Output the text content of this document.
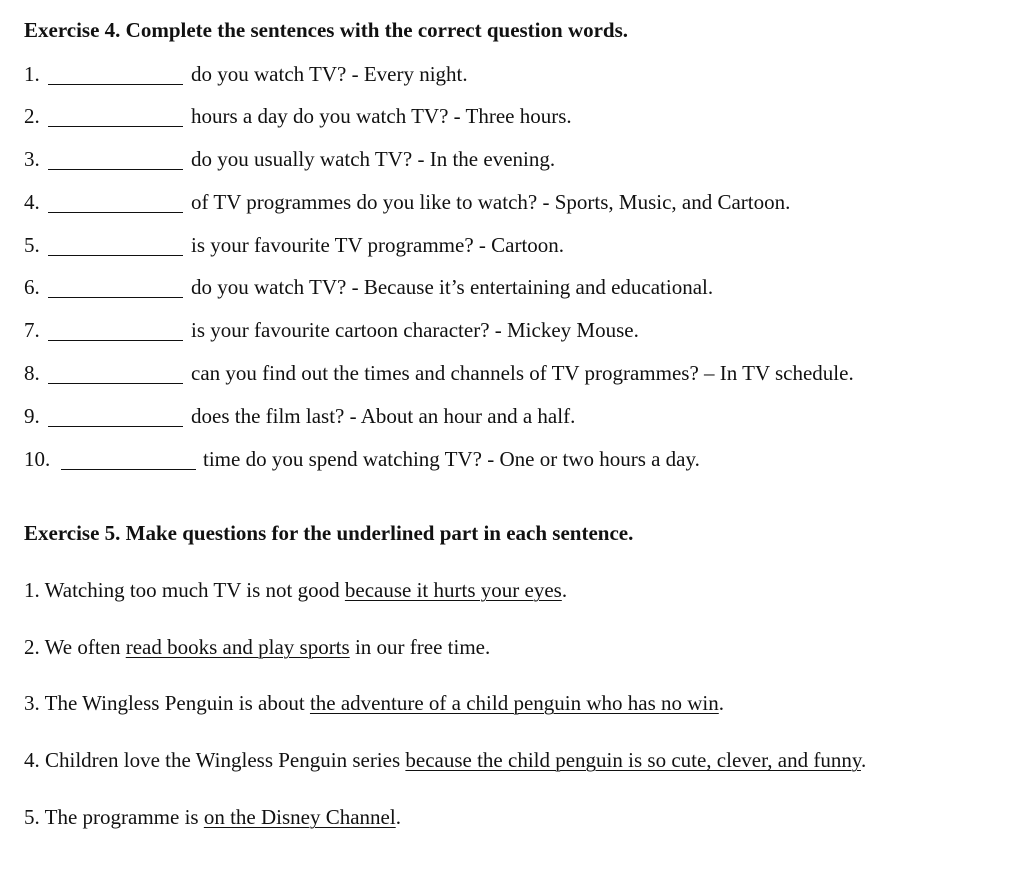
Exercise 4. Complete the sentences with the correct question words.
1.	do you watch TV? - Every night.
2.	hours a day do you watch TV? - Three hours.
3.	do you usually watch TV? - In the evening.
4.	of TV programmes do you like to watch? - Sports, Music, and Cartoon.
5.	is your favourite TV programme? - Cartoon.
6.	do you watch TV? - Because it’s entertaining and educational.
7.	is your favourite cartoon character? - Mickey Mouse.
8.	can you find out the times and channels of TV programmes? – In TV schedule.
9.	does the film last? - About an hour and a half.
10.	time do you spend watching TV? - One or two hours a day.
Exercise 5. Make questions for the underlined part in each sentence.
1. Watching too much TV is not good because it hurts your eyes.
2. We often read books and play sports in our free time.
3. The Wingless Penguin is about the adventure of a child penguin who has no win.
4. Children love the Wingless Penguin series because the child penguin is so cute, clever, and funny.
5. The programme is on the Disney Channel.
